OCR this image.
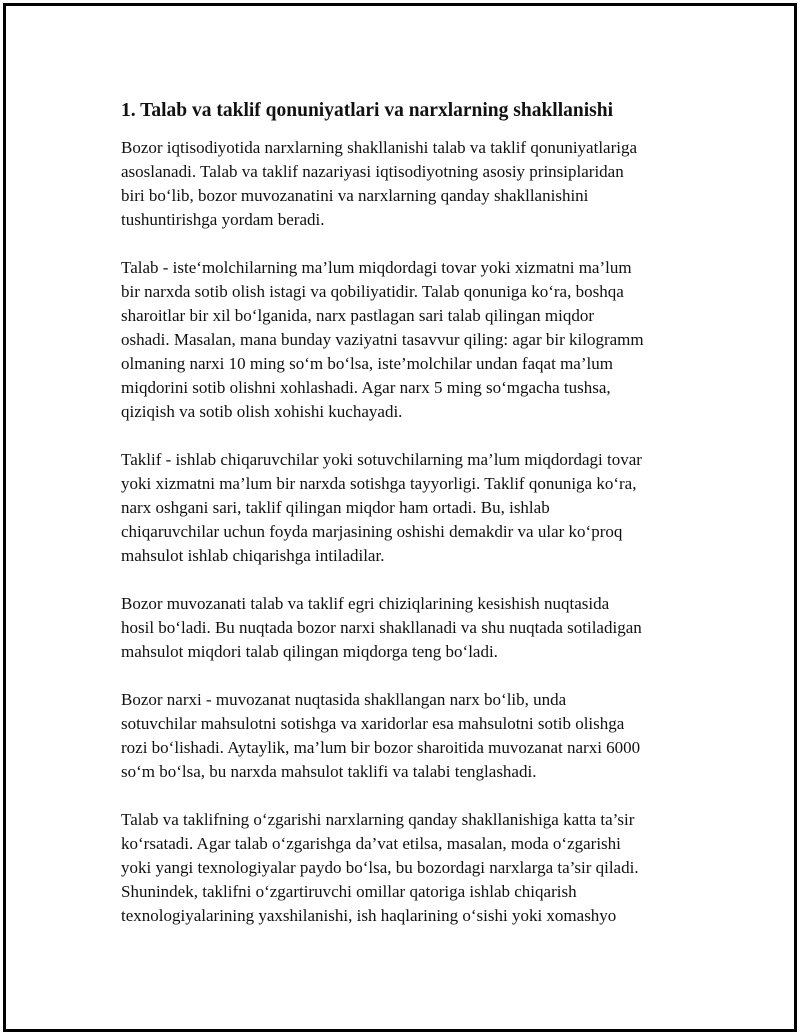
1. Talab va taklif qonuniyatlari va narxlarning shakllanishi

Bozor iqtisodiyotida narxlarning shakllanishi talab va taklif qonuniyatlariga
asoslanadi. Talab va taklif nazariyasi iqtisodiyotning asosiy prinsiplaridan
biri bo‘lib, bozor muvozanatini va narxlarning qanday shakllanishini
tushuntirishga yordam beradi.

Talab - iste‘molchilarning ma’lum miqdordagi tovar yoki xizmatni ma’lum
bir narxda sotib olish istagi va qobiliyatidir. Talab qonuniga ko‘ra, boshqa
sharoitlar bir xil bo‘lganida, narx pastlagan sari talab qilingan miqdor
oshadi. Masalan, mana bunday vaziyatni tasavvur qiling: agar bir kilogramm
olmaning narxi 10 ming so‘m bo‘lsa, iste’molchilar undan faqat ma’lum
miqdorini sotib olishni xohlashadi. Agar narx 5 ming so‘mgacha tushsa,
qiziqish va sotib olish xohishi kuchayadi.

Taklif - ishlab chiqaruvchilar yoki sotuvchilarning ma’lum miqdordagi tovar
yoki xizmatni ma’lum bir narxda sotishga tayyorligi. Taklif qonuniga ko‘ra,
narx oshgani sari, taklif qilingan miqdor ham ortadi. Bu, ishlab
chiqaruvchilar uchun foyda marjasining oshishi demakdir va ular ko‘proq
mahsulot ishlab chiqarishga intiladilar.

Bozor muvozanati talab va taklif egri chiziqlarining kesishish nuqtasida
hosil bo‘ladi. Bu nuqtada bozor narxi shakllanadi va shu nuqtada sotiladigan
mahsulot miqdori talab qilingan miqdorga teng bo‘ladi.

Bozor narxi - muvozanat nuqtasida shakllangan narx bo‘lib, unda
sotuvchilar mahsulotni sotishga va xaridorlar esa mahsulotni sotib olishga
rozi bo‘lishadi. Aytaylik, ma’lum bir bozor sharoitida muvozanat narxi 6000
so‘m bo‘lsa, bu narxda mahsulot taklifi va talabi tenglashadi.

Talab va taklifning o‘zgarishi narxlarning qanday shakllanishiga katta ta’sir
ko‘rsatadi. Agar talab o‘zgarishga da’vat etilsa, masalan, moda o‘zgarishi
yoki yangi texnologiyalar paydo bo‘lsa, bu bozordagi narxlarga ta’sir qiladi.
Shunindek, taklifni o‘zgartiruvchi omillar qatoriga ishlab chiqarish
texnologiyalarining yaxshilanishi, ish haqlarining o‘sishi yoki xomashyo
